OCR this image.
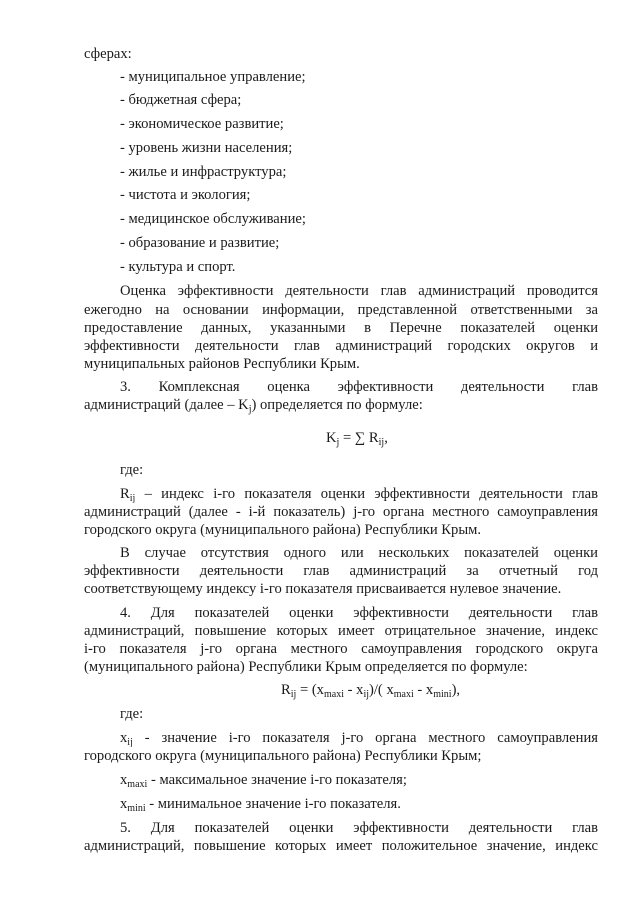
сферах:

- муниципальное управление;

- бюджетная сфера;

- экономическое развитие;

- уровень жизни населения;

- жилье и инфраструктура;

- чистота и экология;

- медицинское обслуживание;

- образование и развитие;

- культура и спорт.

Оценка эффективности деятельности глав администраций проводится

ежегодно на основании информации, представленной ответственными за

предоставление данных, указанными в Перечне показателей оценки

эффективности деятельности глав администраций городских округов и

муниципальных районов Республики Крым.

3. Комплексная оценка эффективности деятельности глав

администраций (далее – $K_j$) определяется по формуле:

$K_j$ = ∑ $R_{ij}$,

где:

$R_{ij}$ – индекс i-го показателя оценки эффективности деятельности глав

администраций (далее - i-й показатель) j-го органа местного самоуправления

городского округа (муниципального района) Республики Крым.

В случае отсутствия одного или нескольких показателей оценки

эффективности деятельности глав администраций за отчетный год

соответствующему индексу i-го показателя присваивается нулевое значение.

4. Для показателей оценки эффективности деятельности глав

администраций, повышение которых имеет отрицательное значение, индекс

i-го показателя j-го органа местного самоуправления городского округа

(муниципального района) Республики Крым определяется по формуле:

$R_{ij} = (x_{maxi} - x_{ij})/$( $x_{maxi} - x_{mini}$),

где:

$x_{ij}$ - значение i-го показателя j-го органа местного самоуправления

городского округа (муниципального района) Республики Крым;

$x_{maxi}$ - максимальное значение i-го показателя;

$x_{mini}$ - минимальное значение i-го показателя.

5. Для показателей оценки эффективности деятельности глав

администраций, повышение которых имеет положительное значение, индекс
